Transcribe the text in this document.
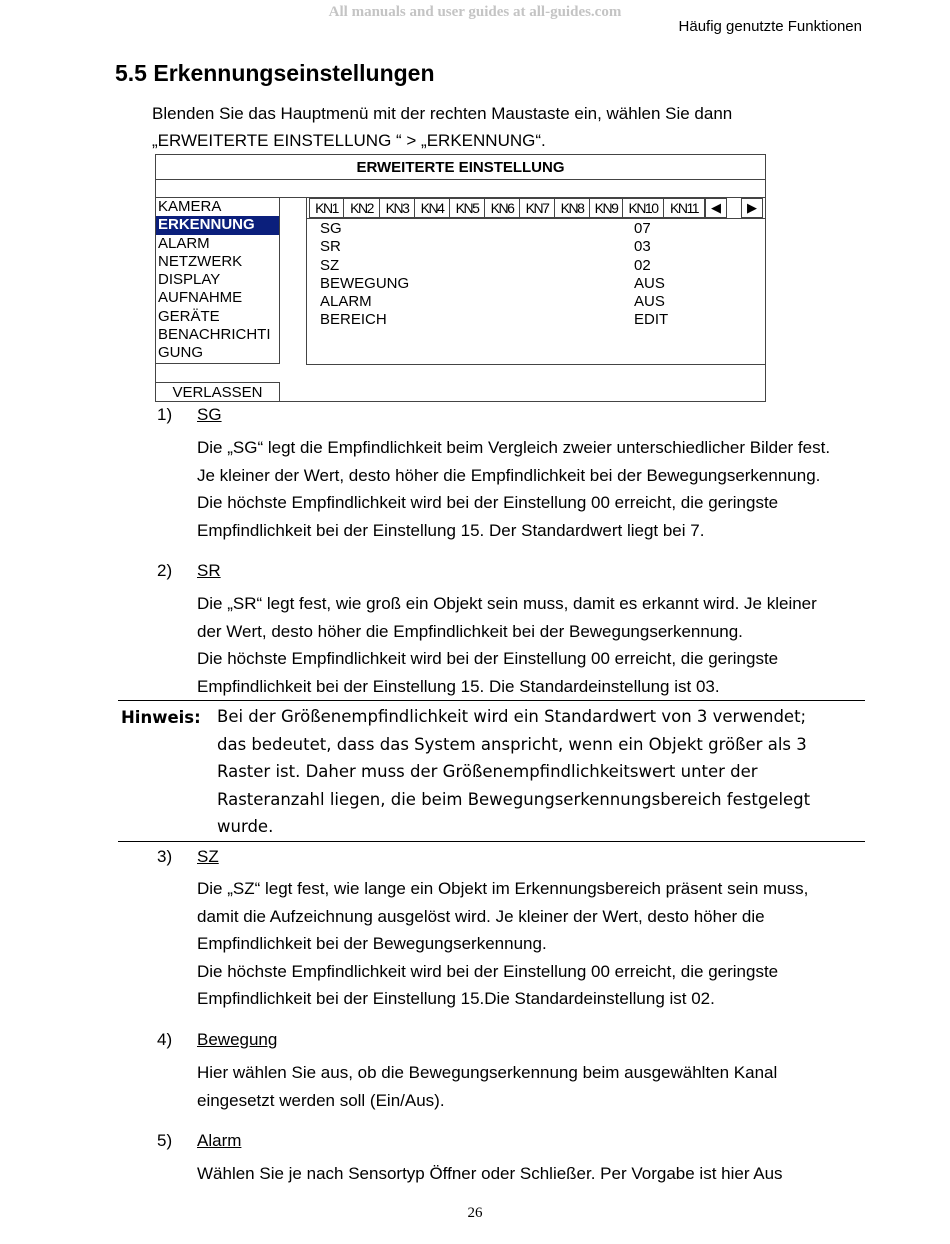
All manuals and user guides at all-guides.com
Häufig genutzte Funktionen
5.5 Erkennungseinstellungen
Blenden Sie das Hauptmenü mit der rechten Maustaste ein, wählen Sie dann
„ERWEITERTE EINSTELLUNG “ > „ERKENNUNG“.
ERWEITERTE EINSTELLUNG
KAMERA
ERKENNUNG
ALARM
NETZWERK
DISPLAY
AUFNAHME
GERÄTE
BENACHRICHTI
GUNG
VERLASSEN
KN1 KN2 KN3 KN4 KN5 KN6 KN7 KN8 KN9 KN10 KN11	◀	▶
SG	07
SR	03
SZ	02
BEWEGUNG	AUS
ALARM	AUS
BEREICH	EDIT
1) SG
Die „SG“ legt die Empfindlichkeit beim Vergleich zweier unterschiedlicher Bilder fest.
Je kleiner der Wert, desto höher die Empfindlichkeit bei der Bewegungserkennung.
Die höchste Empfindlichkeit wird bei der Einstellung 00 erreicht, die geringste
Empfindlichkeit bei der Einstellung 15. Der Standardwert liegt bei 7.
2) SR
Die „SR“ legt fest, wie groß ein Objekt sein muss, damit es erkannt wird. Je kleiner
der Wert, desto höher die Empfindlichkeit bei der Bewegungserkennung.
Die höchste Empfindlichkeit wird bei der Einstellung 00 erreicht, die geringste
Empfindlichkeit bei der Einstellung 15. Die Standardeinstellung ist 03.
Hinweis: Bei der Größenempfindlichkeit wird ein Standardwert von 3 verwendet;
das bedeutet, dass das System anspricht, wenn ein Objekt größer als 3
Raster ist. Daher muss der Größenempfindlichkeitswert unter der
Rasteranzahl liegen, die beim Bewegungserkennungsbereich festgelegt
wurde.
3) SZ
Die „SZ“ legt fest, wie lange ein Objekt im Erkennungsbereich präsent sein muss,
damit die Aufzeichnung ausgelöst wird. Je kleiner der Wert, desto höher die
Empfindlichkeit bei der Bewegungserkennung.
Die höchste Empfindlichkeit wird bei der Einstellung 00 erreicht, die geringste
Empfindlichkeit bei der Einstellung 15.Die Standardeinstellung ist 02.
4) Bewegung
Hier wählen Sie aus, ob die Bewegungserkennung beim ausgewählten Kanal
eingesetzt werden soll (Ein/Aus).
5) Alarm
Wählen Sie je nach Sensortyp Öffner oder Schließer. Per Vorgabe ist hier Aus
26
